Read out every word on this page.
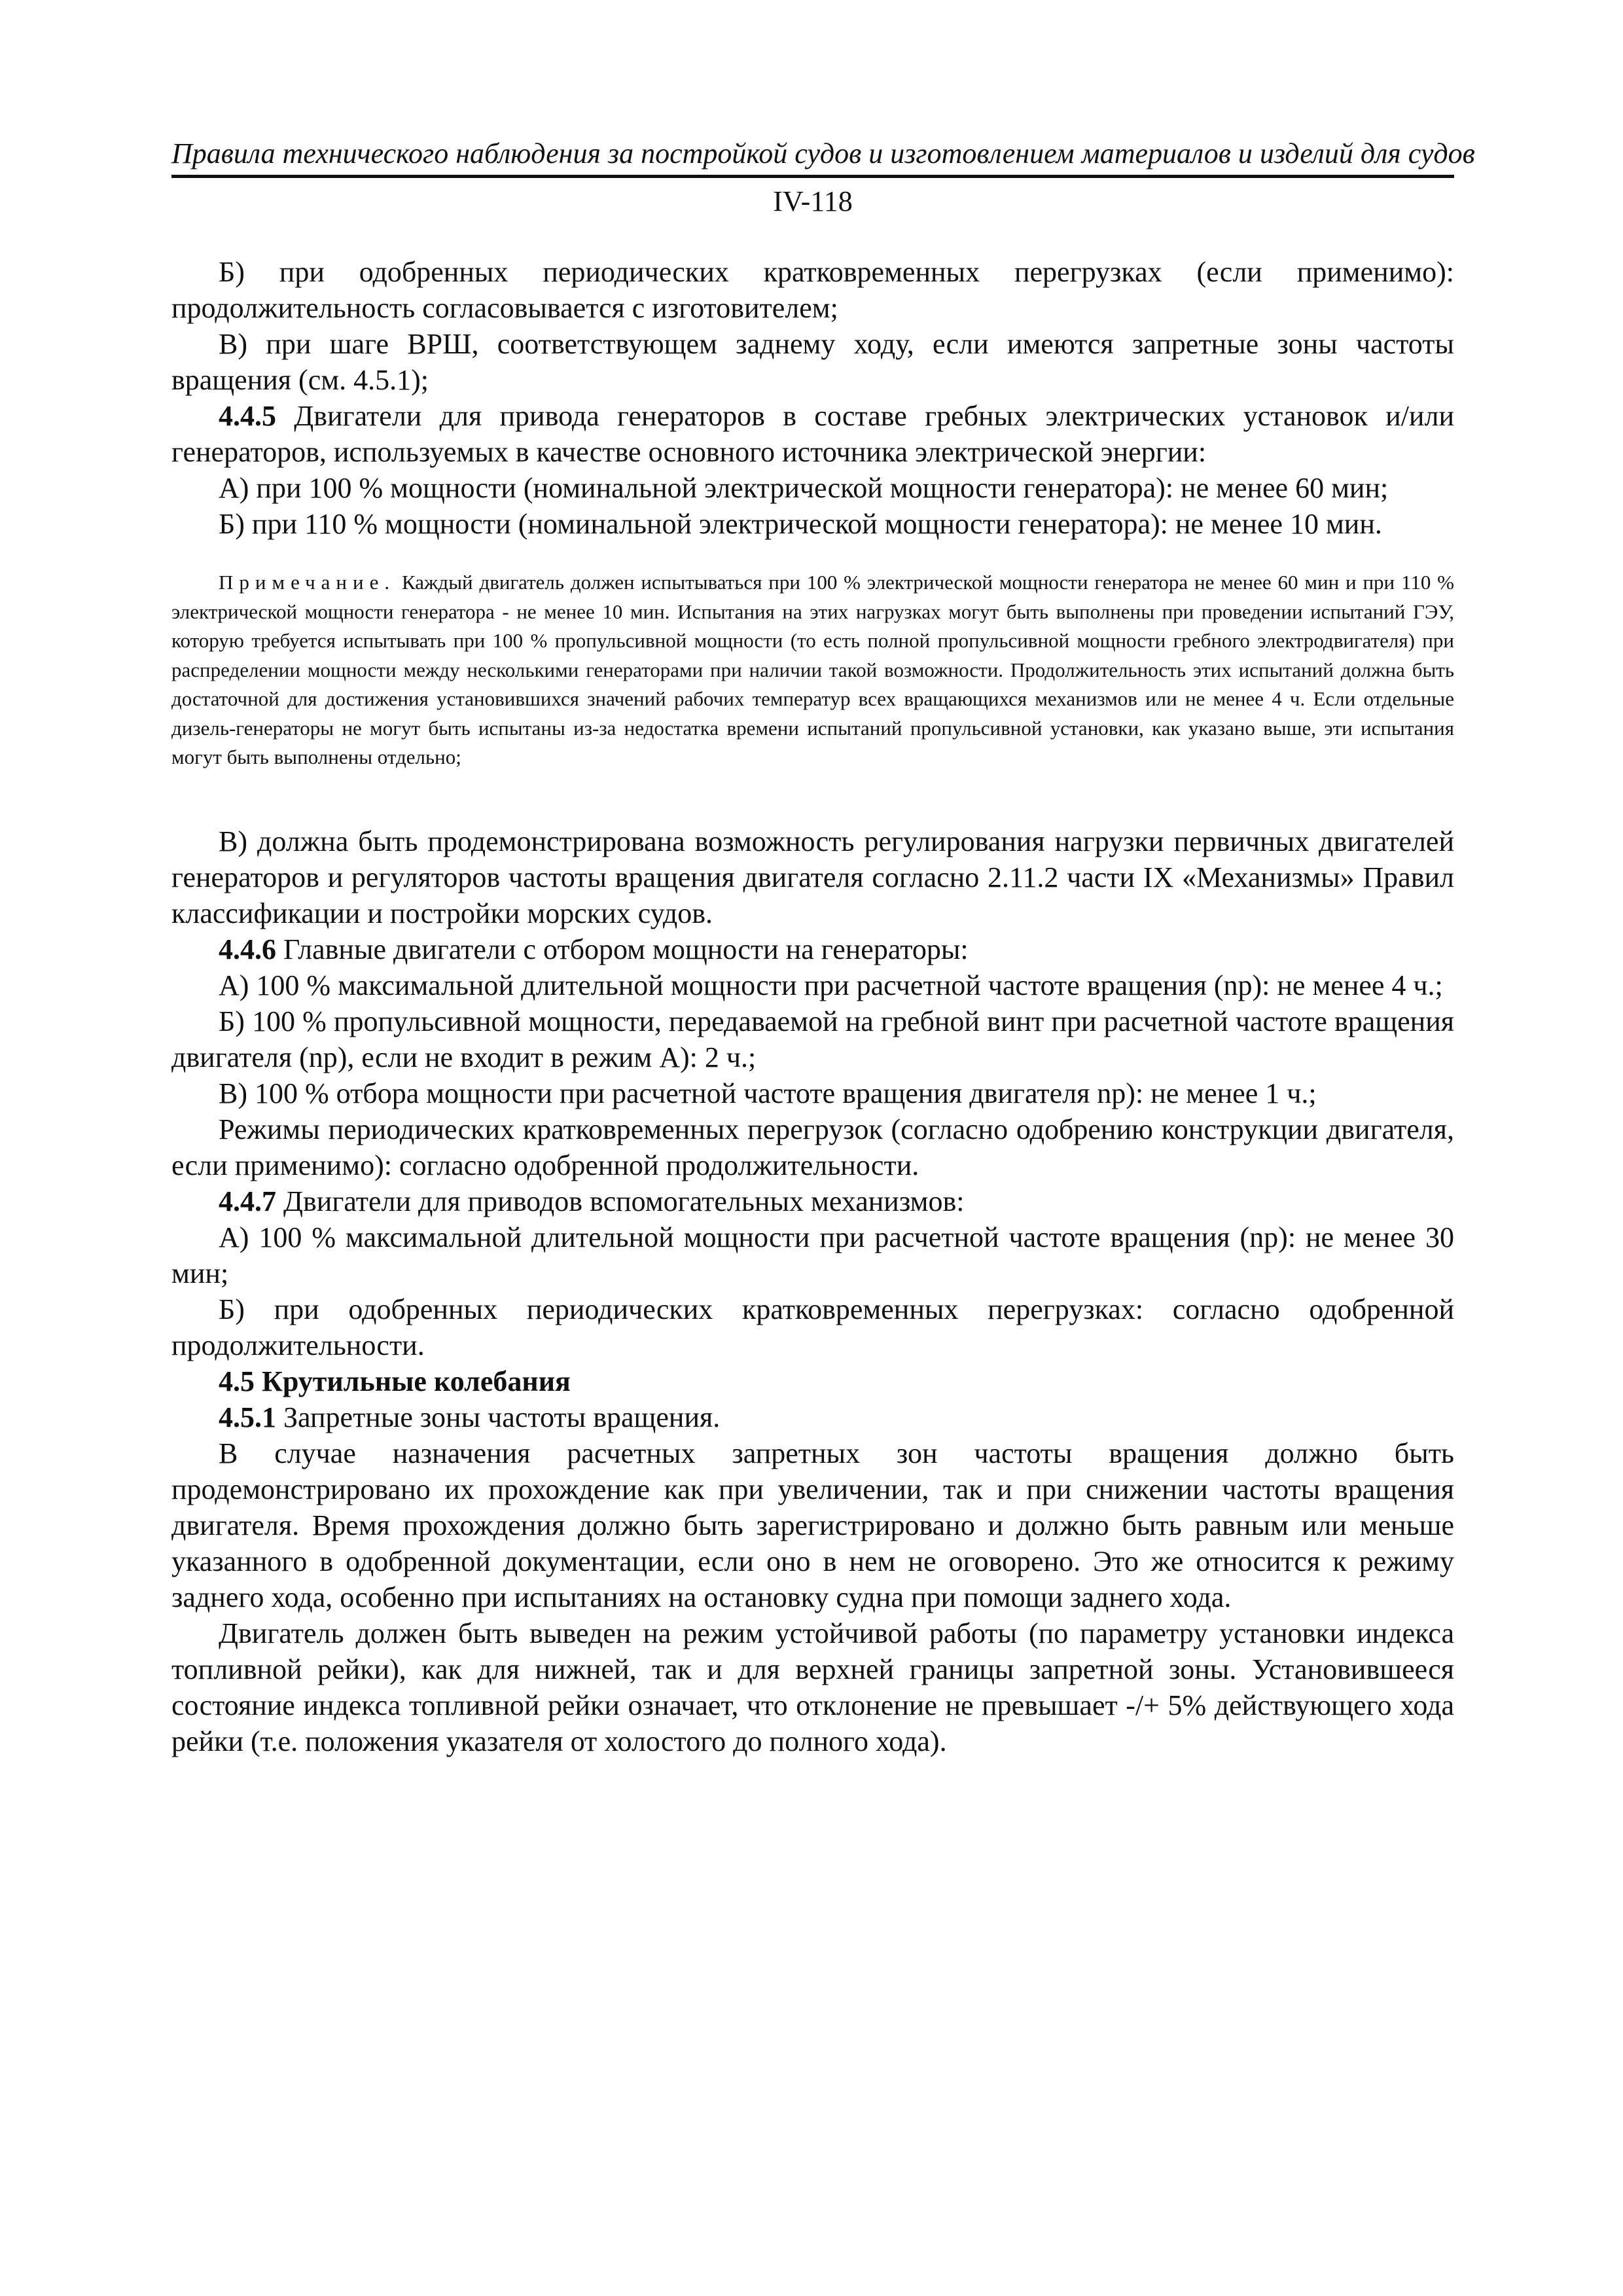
Правила технического наблюдения за постройкой судов и изготовлением материалов и изделий для судов
IV-118

Б) при одобренных периодических кратковременных перегрузках (если применимо): продолжительность согласовывается с изготовителем;

В) при шаге ВРШ, соответствующем заднему ходу, если имеются запретные зоны частоты вращения (см. 4.5.1);

4.4.5 Двигатели для привода генераторов в составе гребных электрических установок и/или генераторов, используемых в качестве основного источника электрической энергии:

А) при 100 % мощности (номинальной электрической мощности генератора): не менее 60 мин;

Б) при 110 % мощности (номинальной электрической мощности генератора): не менее 10 мин.

Примечание. Каждый двигатель должен испытываться при 100 % электрической мощности генератора не менее 60 мин и при 110 % электрической мощности генератора - не менее 10 мин. Испытания на этих нагрузках могут быть выполнены при проведении испытаний ГЭУ, которую требуется испытывать при 100 % пропульсивной мощности (то есть полной пропульсивной мощности гребного электродвигателя) при распределении мощности между несколькими генераторами при наличии такой возможности. Продолжительность этих испытаний должна быть достаточной для достижения установившихся значений рабочих температур всех вращающихся механизмов или не менее 4 ч. Если отдельные дизель-генераторы не могут быть испытаны из-за недостатка времени испытаний пропульсивной установки, как указано выше, эти испытания могут быть выполнены отдельно;

В) должна быть продемонстрирована возможность регулирования нагрузки первичных двигателей генераторов и регуляторов частоты вращения двигателя согласно 2.11.2 части IX «Механизмы» Правил классификации и постройки морских судов.

4.4.6 Главные двигатели с отбором мощности на генераторы:

А) 100 % максимальной длительной мощности при расчетной частоте вращения (np): не менее 4 ч.;

Б) 100 % пропульсивной мощности, передаваемой на гребной винт при расчетной частоте вращения двигателя (np), если не входит в режим А): 2 ч.;

В) 100 % отбора мощности при расчетной частоте вращения двигателя np): не менее 1 ч.;

Режимы периодических кратковременных перегрузок (согласно одобрению конструкции двигателя, если применимо): согласно одобренной продолжительности.

4.4.7 Двигатели для приводов вспомогательных механизмов:

А) 100 % максимальной длительной мощности при расчетной частоте вращения (np): не менее 30 мин;

Б) при одобренных периодических кратковременных перегрузках: согласно одобренной продолжительности.

4.5 Крутильные колебания

4.5.1 Запретные зоны частоты вращения.

В случае назначения расчетных запретных зон частоты вращения должно быть продемонстрировано их прохождение как при увеличении, так и при снижении частоты вращения двигателя. Время прохождения должно быть зарегистрировано и должно быть равным или меньше указанного в одобренной документации, если оно в нем не оговорено. Это же относится к режиму заднего хода, особенно при испытаниях на остановку судна при помощи заднего хода.

Двигатель должен быть выведен на режим устойчивой работы (по параметру установки индекса топливной рейки), как для нижней, так и для верхней границы запретной зоны. Установившееся состояние индекса топливной рейки означает, что отклонение не превышает -/+ 5% действующего хода рейки (т.е. положения указателя от холостого до полного хода).
